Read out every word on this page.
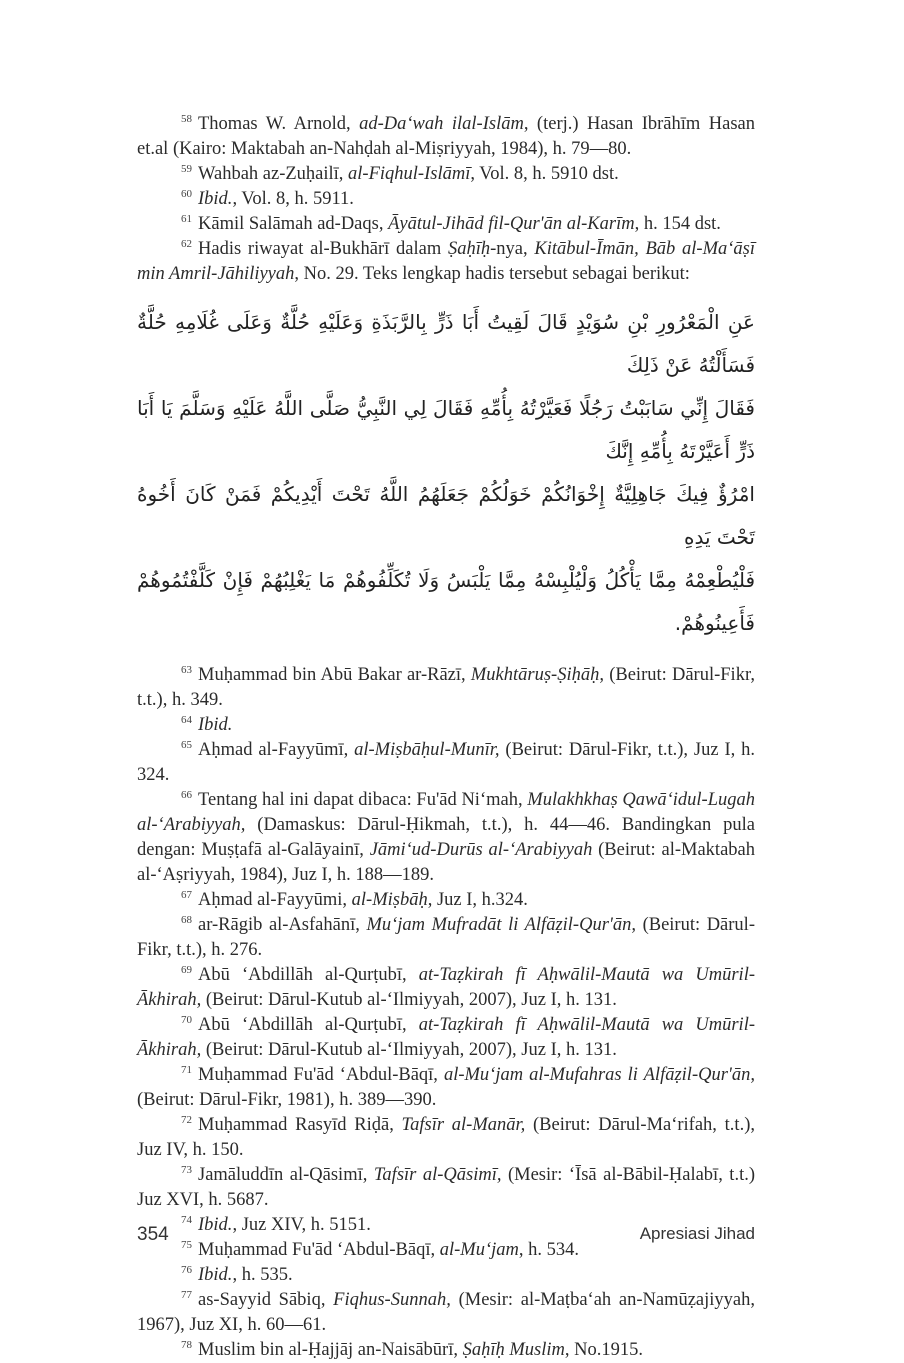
$^{58}$ Thomas W. Arnold, ad-Da‘wah ilal-Islām, (terj.) Hasan Ibrāhīm Hasan et.al (Kairo: Maktabah an-Nahḍah al-Miṣriyyah, 1984), h. 79—80.

$^{59}$ Wahbah az-Zuḥailī, al-Fiqhul-Islāmī, Vol. 8, h. 5910 dst.

$^{60}$ Ibid., Vol. 8, h. 5911.

$^{61}$ Kāmil Salāmah ad-Daqs, Āyātul-Jihād fil-Qur'ān al-Karīm, h. 154 dst.

$^{62}$ Hadis riwayat al-Bukhārī dalam Ṣaḥīḥ-nya, Kitābul-Īmān, Bāb al-Ma‘āṣī min Amril-Jāhiliyyah, No. 29. Teks lengkap hadis tersebut sebagai berikut:

عَنِ الْمَعْرُورِ بْنِ سُوَيْدٍ قَالَ لَقِيتُ أَبَا ذَرٍّ بِالرَّبَذَةِ وَعَلَيْهِ حُلَّةٌ وَعَلَى غُلَامِهِ حُلَّةٌ فَسَأَلْتُهُ عَنْ ذَلِكَ

فَقَالَ إِنِّي سَابَبْتُ رَجُلًا فَعَيَّرْتُهُ بِأُمِّهِ فَقَالَ لِي النَّبِيُّ صَلَّى اللَّهُ عَلَيْهِ وَسَلَّمَ يَا أَبَا ذَرٍّ أَعَيَّرْتَهُ بِأُمِّهِ إِنَّكَ

امْرُؤٌ فِيكَ جَاهِلِيَّةٌ إِخْوَانُكُمْ خَوَلُكُمْ جَعَلَهُمُ اللَّهُ تَحْتَ أَيْدِيكُمْ فَمَنْ كَانَ أَخُوهُ تَحْتَ يَدِهِ

فَلْيُطْعِمْهُ مِمَّا يَأْكُلُ وَلْيُلْبِسْهُ مِمَّا يَلْبَسُ وَلَا تُكَلِّفُوهُمْ مَا يَغْلِبُهُمْ فَإِنْ كَلَّفْتُمُوهُمْ فَأَعِينُوهُمْ.

$^{63}$ Muḥammad bin Abū Bakar ar-Rāzī, Mukhtāruṣ-Ṣiḥāḥ, (Beirut: Dārul-Fikr, t.t.), h. 349.

$^{64}$ Ibid.

$^{65}$ Aḥmad al-Fayyūmī, al-Miṣbāḥul-Munīr, (Beirut: Dārul-Fikr, t.t.), Juz I, h. 324.

$^{66}$ Tentang hal ini dapat dibaca: Fu'ād Ni‘mah, Mulakhkhaṣ Qawā‘idul-Lugah al-‘Arabiyyah, (Damaskus: Dārul-Ḥikmah, t.t.), h. 44—46. Bandingkan pula dengan: Muṣṭafā al-Galāyainī, Jāmi‘ud-Durūs al-‘Arabiyyah (Beirut: al-Maktabah al-‘Aṣriyyah, 1984), Juz I, h. 188—189.

$^{67}$ Aḥmad al-Fayyūmi, al-Miṣbāḥ, Juz I, h.324.

$^{68}$ ar-Rāgib al-Asfahānī, Mu‘jam Mufradāt li Alfāẓil-Qur'ān, (Beirut: Dārul-Fikr, t.t.), h. 276.

$^{69}$ Abū ‘Abdillāh al-Qurṭubī, at-Taẓkirah fī Aḥwālil-Mautā wa Umūril-Ākhirah, (Beirut: Dārul-Kutub al-‘Ilmiyyah, 2007), Juz I, h. 131.

$^{70}$ Abū ‘Abdillāh al-Qurṭubī, at-Taẓkirah fī Aḥwālil-Mautā wa Umūril-Ākhirah, (Beirut: Dārul-Kutub al-‘Ilmiyyah, 2007), Juz I, h. 131.

$^{71}$ Muḥammad Fu'ād ‘Abdul-Bāqī, al-Mu‘jam al-Mufahras li Alfāẓil-Qur'ān, (Beirut: Dārul-Fikr, 1981), h. 389—390.

$^{72}$ Muḥammad Rasyīd Riḍā, Tafsīr al-Manār, (Beirut: Dārul-Ma‘rifah, t.t.), Juz IV, h. 150.

$^{73}$ Jamāluddīn al-Qāsimī, Tafsīr al-Qāsimī, (Mesir: ‘Īsā al-Bābil-Ḥalabī, t.t.) Juz XVI, h. 5687.

$^{74}$ Ibid., Juz XIV, h. 5151.

$^{75}$ Muḥammad Fu'ād ‘Abdul-Bāqī, al-Mu‘jam, h. 534.

$^{76}$ Ibid., h. 535.

$^{77}$ as-Sayyid Sābiq, Fiqhus-Sunnah, (Mesir: al-Maṭba‘ah an-Namūẓajiyyah, 1967), Juz XI, h. 60—61.

$^{78}$ Muslim bin al-Ḥajjāj an-Naisābūrī, Ṣaḥīḥ Muslim, No.1915.

354	Apresiasi Jihad
